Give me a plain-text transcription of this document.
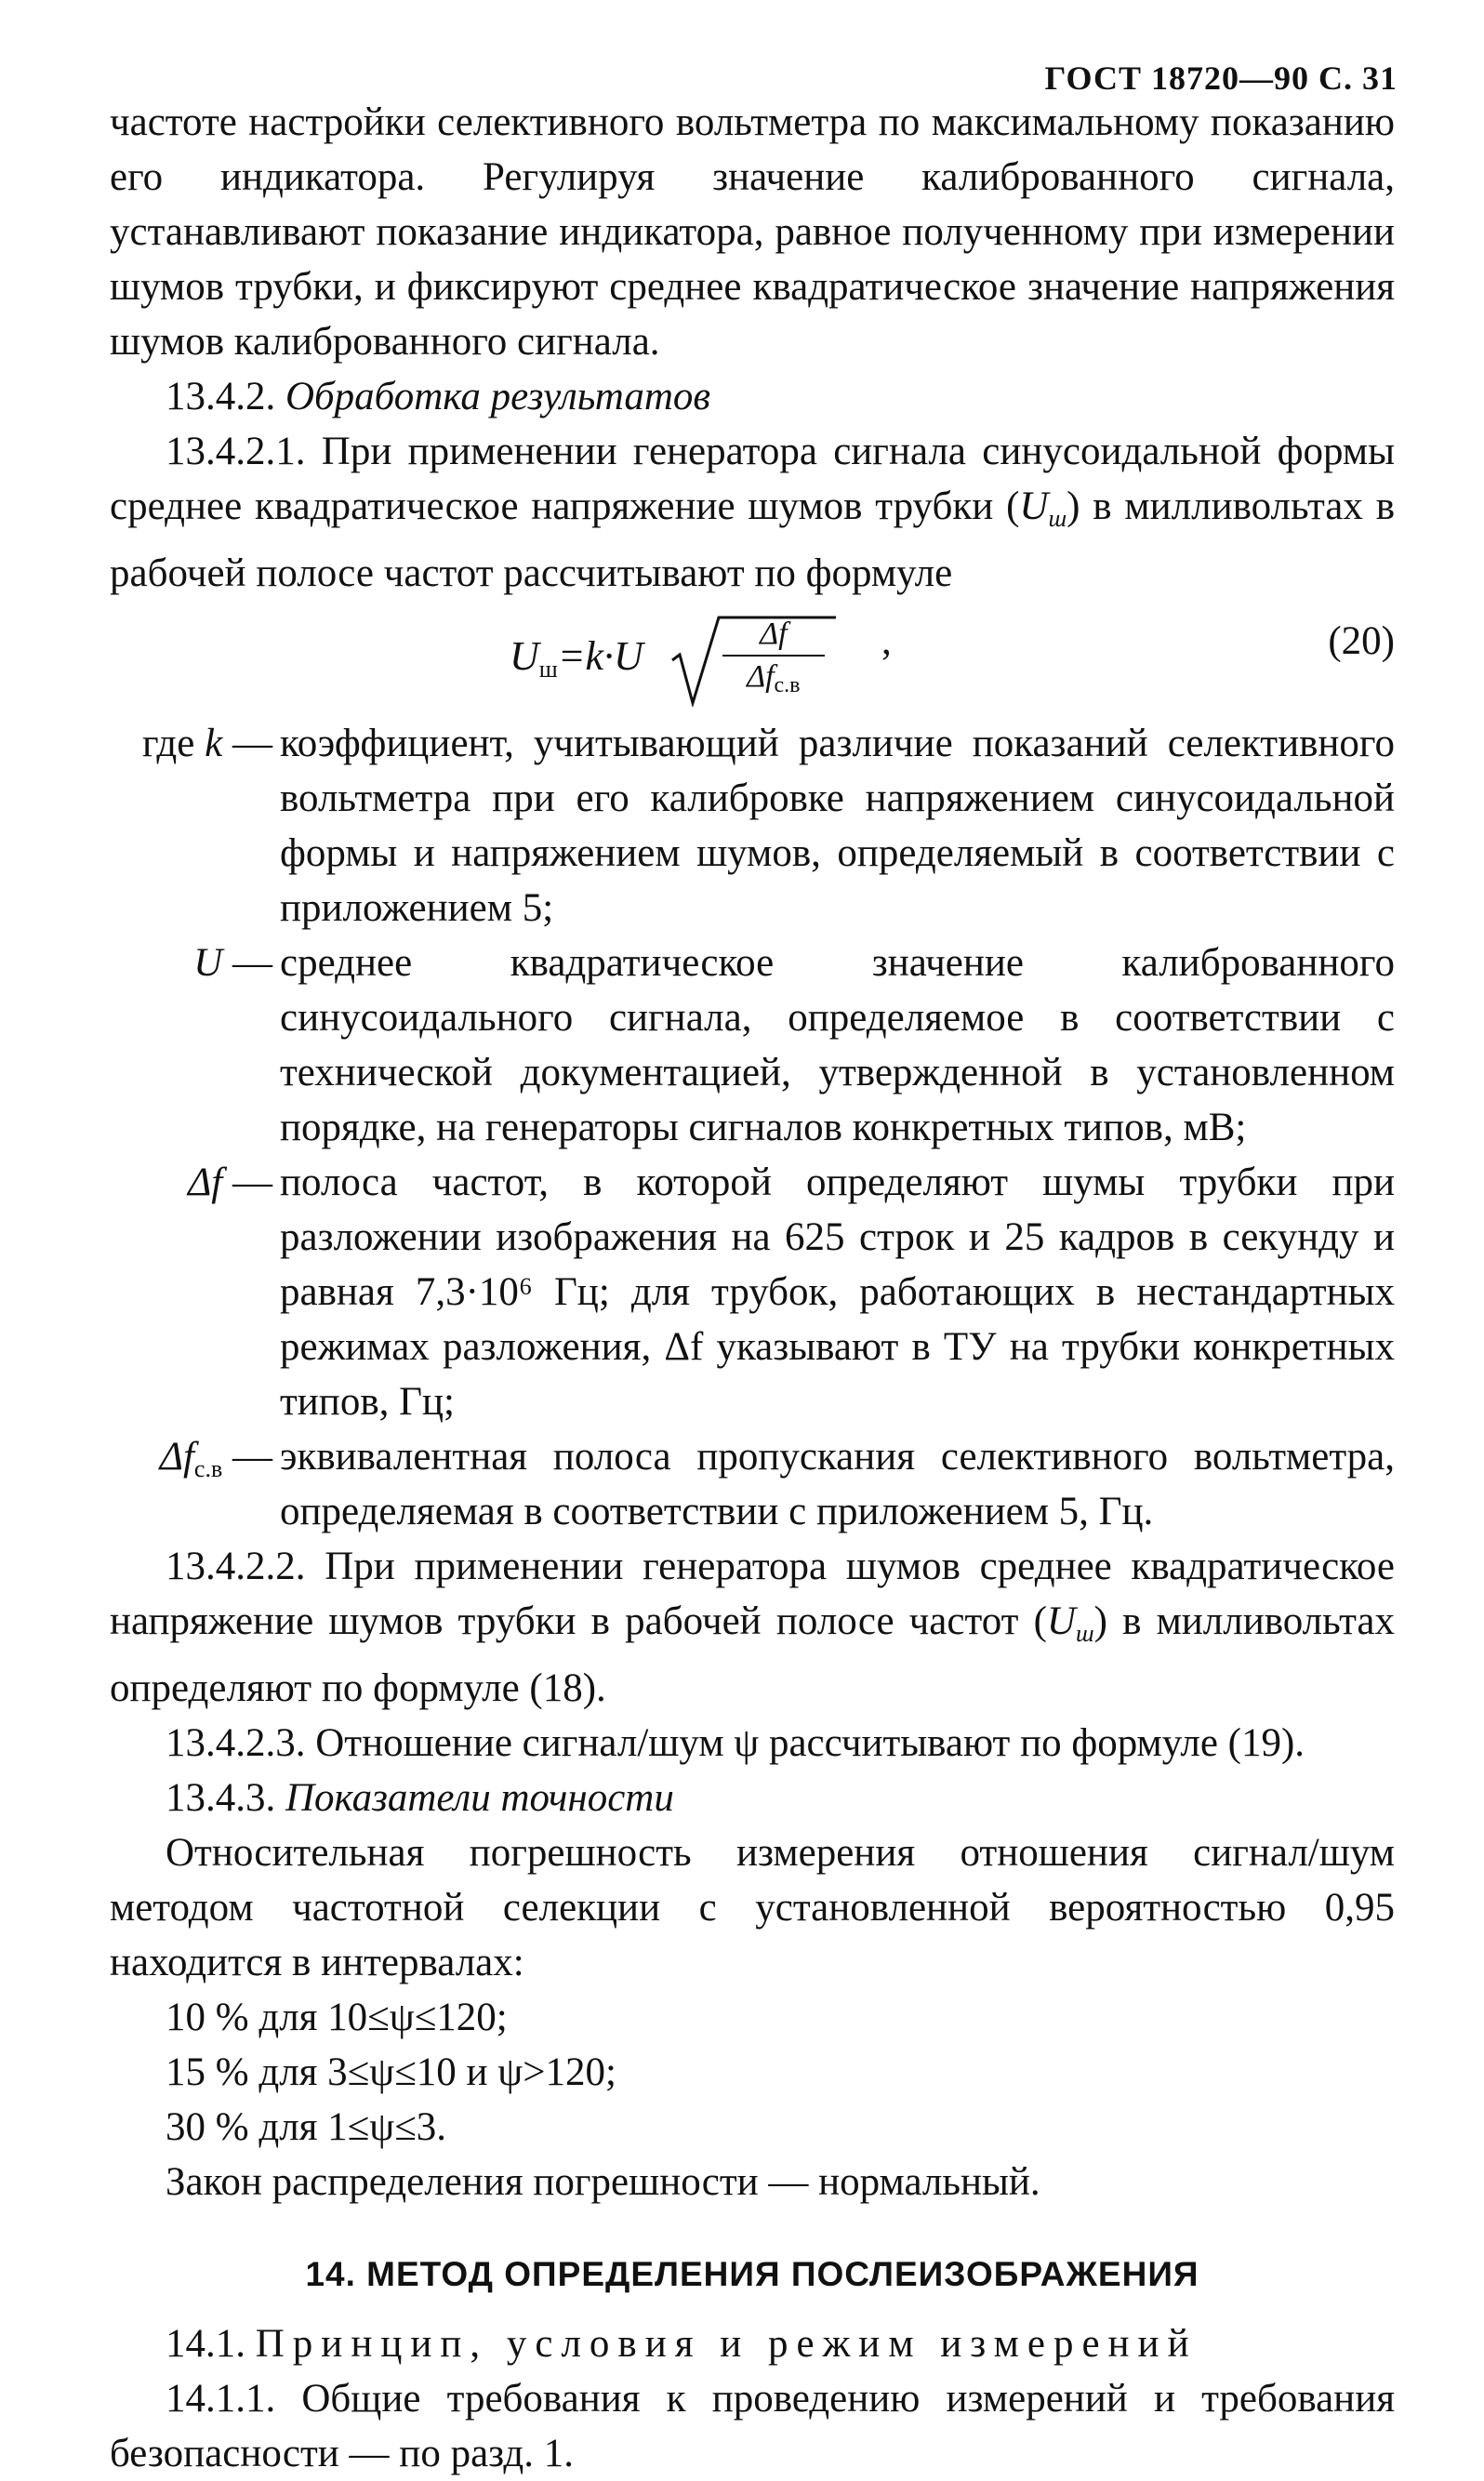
ГОСТ 18720—90 С. 31

частоте настройки селективного вольтметра по максимальному показанию его индикатора. Регулируя значение калиброванного сигнала, устанавливают показание индикатора, равное полученному при измерении шумов трубки, и фиксируют среднее квадратическое значение напряжения шумов калиброванного сигнала.

13.4.2. Обработка результатов

13.4.2.1. При применении генератора сигнала синусоидальной формы среднее квадратическое напряжение шумов трубки (Uш) в милливольтах в рабочей полосе частот рассчитывают по формуле

$U_ш=k\cdot U$	Δf
$\Delta f_{с.в}$
,	(20)
где k — коэффициент, учитывающий различие показаний селективного вольтметра при его калибровке напряжением синусоидальной формы и напряжением шумов, определяемый в соответствии с приложением 5;
U — среднее квадратическое значение калиброванного синусоидального сигнала, определяемое в соответствии с технической документацией, утвержденной в установленном порядке, на генераторы сигналов конкретных типов, мВ;
Δf — полоса частот, в которой определяют шумы трубки при разложении изображения на 625 строк и 25 кадров в секунду и равная 7,3·10⁶ Гц; для трубок, работающих в нестандартных режимах разложения, Δf указывают в ТУ на трубки конкретных типов, Гц;
Δfс.в — эквивалентная полоса пропускания селективного вольтметра, определяемая в соответствии с приложением 5, Гц.

13.4.2.2. При применении генератора шумов среднее квадратическое напряжение шумов трубки в рабочей полосе частот (Uш) в милливольтах определяют по формуле (18).

13.4.2.3. Отношение сигнал/шум ψ рассчитывают по формуле (19).

13.4.3. Показатели точности

Относительная погрешность измерения отношения сигнал/шум методом частотной селекции с установленной вероятностью 0,95 находится в интервалах:

10 % для 10≤ψ≤120;

15 % для 3≤ψ≤10 и ψ>120;

30 % для 1≤ψ≤3.

Закон распределения погрешности — нормальный.

14. МЕТОД ОПРЕДЕЛЕНИЯ ПОСЛЕИЗОБРАЖЕНИЯ

14.1. Принцип, условия и режим измерений

14.1.1. Общие требования к проведению измерений и требования безопасности — по разд. 1.
